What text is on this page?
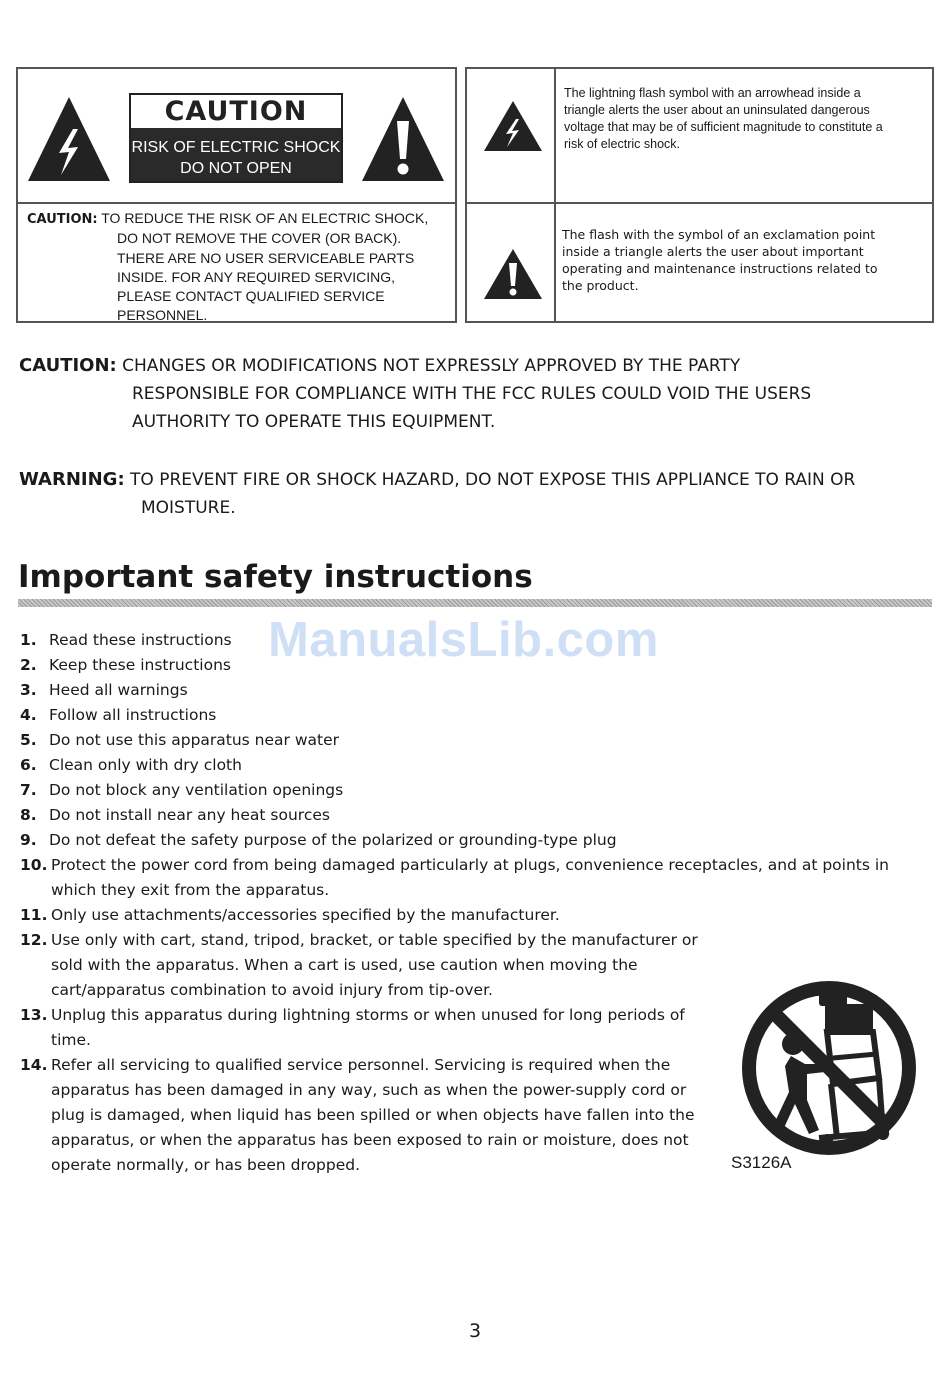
CAUTION
RISK OF ELECTRIC SHOCK
DO NOT OPEN
CAUTION: TO REDUCE THE RISK OF AN ELECTRIC SHOCK,
DO NOT REMOVE THE COVER (OR BACK).
THERE ARE NO USER SERVICEABLE PARTS
INSIDE. FOR ANY REQUIRED SERVICING,
PLEASE CONTACT QUALIFIED SERVICE
PERSONNEL.
The lightning flash symbol with an arrowhead inside a
triangle alerts the user about an uninsulated dangerous
voltage that may be of sufficient magnitude to constitute a
risk of electric shock.
The flash with the symbol of an exclamation point
inside a triangle alerts the user about important
operating and maintenance instructions related to
the product.
CAUTION: CHANGES OR MODIFICATIONS NOT EXPRESSLY APPROVED BY THE PARTY
RESPONSIBLE FOR COMPLIANCE WITH THE FCC RULES COULD VOID THE USERS
AUTHORITY TO OPERATE THIS EQUIPMENT.
WARNING: TO PREVENT FIRE OR SHOCK HAZARD, DO NOT EXPOSE THIS APPLIANCE TO RAIN OR
MOISTURE.
Important safety instructions
ManualsLib.com
1. Read these instructions
2. Keep these instructions
3. Heed all warnings
4. Follow all instructions
5. Do not use this apparatus near water
6. Clean only with dry cloth
7. Do not block any ventilation openings
8. Do not install near any heat sources
9. Do not defeat the safety purpose of the polarized or grounding-type plug
10. Protect the power cord from being damaged particularly at plugs, convenience receptacles, and at points in
which they exit from the apparatus.
11. Only use attachments/accessories specified by the manufacturer.
12. Use only with cart, stand, tripod, bracket, or table specified by the manufacturer or
sold with the apparatus. When a cart is used, use caution when moving the
cart/apparatus combination to avoid injury from tip-over.
13. Unplug this apparatus during lightning storms or when unused for long periods of
time.
14. Refer all servicing to qualified service personnel. Servicing is required when the
apparatus has been damaged in any way, such as when the power-supply cord or
plug is damaged, when liquid has been spilled or when objects have fallen into the
apparatus, or when the apparatus has been exposed to rain or moisture, does not
operate normally, or has been dropped.	S3126A
3
